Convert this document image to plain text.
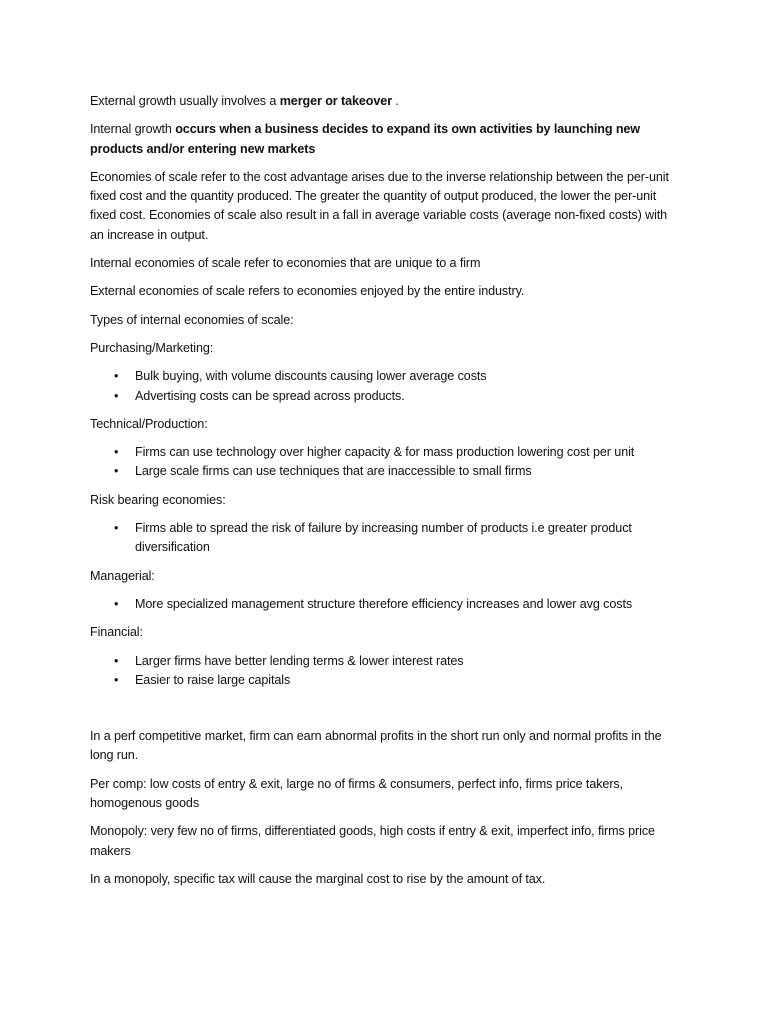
External growth usually involves a merger or takeover .

Internal growth occurs when a business decides to expand its own activities by launching new products and/or entering new markets

Economies of scale refer to the cost advantage arises due to the inverse relationship between the per-unit fixed cost and the quantity produced. The greater the quantity of output produced, the lower the per-unit fixed cost. Economies of scale also result in a fall in average variable costs (average non-fixed costs) with an increase in output.

Internal economies of scale refer to economies that are unique to a firm

External economies of scale refers to economies enjoyed by the entire industry.

Types of internal economies of scale:

Purchasing/Marketing:

• Bulk buying, with volume discounts causing lower average costs
• Advertising costs can be spread across products.

Technical/Production:

• Firms can use technology over higher capacity & for mass production lowering cost per unit
• Large scale firms can use techniques that are inaccessible to small firms

Risk bearing economies:

• Firms able to spread the risk of failure by increasing number of products i.e greater product diversification

Managerial:

• More specialized management structure therefore efficiency increases and lower avg costs

Financial:

• Larger firms have better lending terms & lower interest rates
• Easier to raise large capitals

In a perf competitive market, firm can earn abnormal profits in the short run only and normal profits in the long run.

Per comp: low costs of entry & exit, large no of firms & consumers, perfect info, firms price takers, homogenous goods

Monopoly: very few no of firms, differentiated goods, high costs if entry & exit, imperfect info, firms price makers

In a monopoly, specific tax will cause the marginal cost to rise by the amount of tax.
